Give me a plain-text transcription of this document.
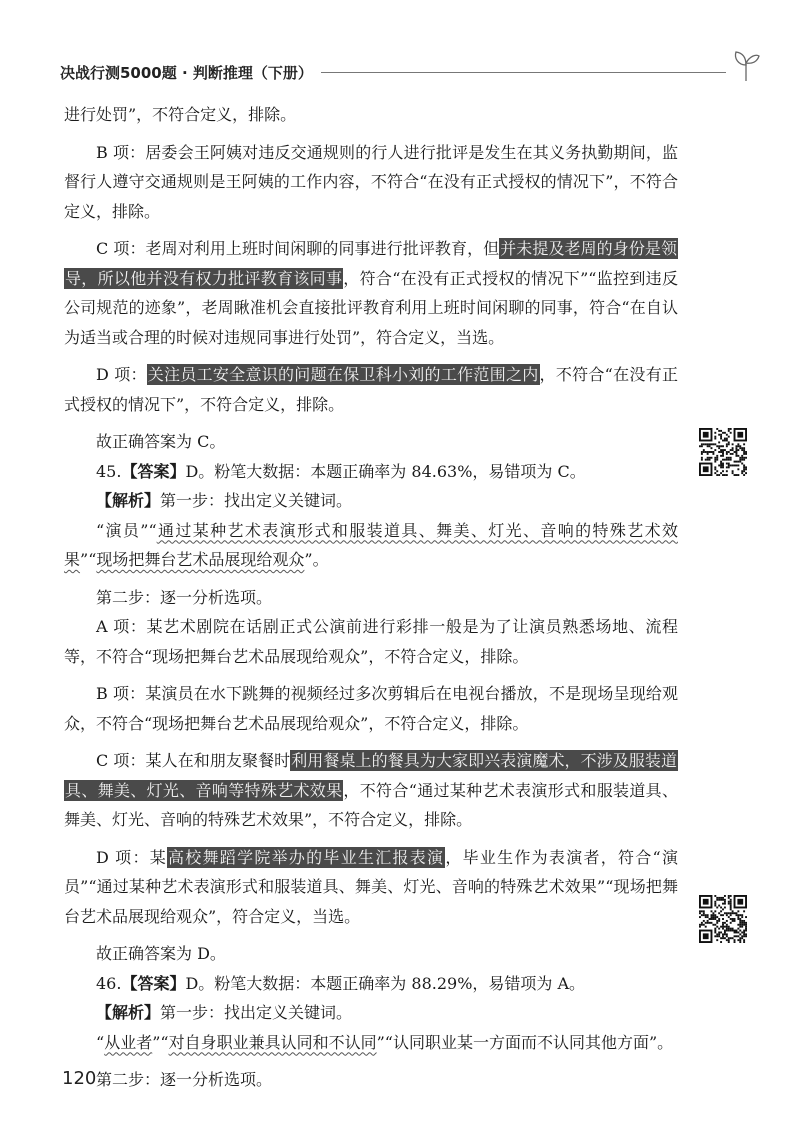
决战行测5000题 · 判断推理（下册）

进行处罚”，不符合定义，排除。

B 项：居委会王阿姨对违反交通规则的行人进行批评是发生在其义务执勤期间，监督行人遵守交通规则是王阿姨的工作内容，不符合“在没有正式授权的情况下”，不符合定义，排除。

C 项：老周对利用上班时间闲聊的同事进行批评教育，但并未提及老周的身份是领导，所以他并没有权力批评教育该同事，符合“在没有正式授权的情况下”“监控到违反公司规范的迹象”，老周瞅准机会直接批评教育利用上班时间闲聊的同事，符合“在自认为适当或合理的时候对违规同事进行处罚”，符合定义，当选。

D 项：关注员工安全意识的问题在保卫科小刘的工作范围之内，不符合“在没有正式授权的情况下”，不符合定义，排除。

故正确答案为 C。

45.【答案】D。粉笔大数据：本题正确率为 84.63%，易错项为 C。

【解析】第一步：找出定义关键词。

“演员”“通过某种艺术表演形式和服装道具、舞美、灯光、音响的特殊艺术效果”“现场把舞台艺术品展现给观众”。

第二步：逐一分析选项。

A 项：某艺术剧院在话剧正式公演前进行彩排一般是为了让演员熟悉场地、流程等，不符合“现场把舞台艺术品展现给观众”，不符合定义，排除。

B 项：某演员在水下跳舞的视频经过多次剪辑后在电视台播放，不是现场呈现给观众，不符合“现场把舞台艺术品展现给观众”，不符合定义，排除。

C 项：某人在和朋友聚餐时利用餐桌上的餐具为大家即兴表演魔术，不涉及服装道具、舞美、灯光、音响等特殊艺术效果，不符合“通过某种艺术表演形式和服装道具、舞美、灯光、音响的特殊艺术效果”，不符合定义，排除。

D 项：某高校舞蹈学院举办的毕业生汇报表演，毕业生作为表演者，符合“演员”“通过某种艺术表演形式和服装道具、舞美、灯光、音响的特殊艺术效果”“现场把舞台艺术品展现给观众”，符合定义，当选。

故正确答案为 D。

46.【答案】D。粉笔大数据：本题正确率为 88.29%，易错项为 A。

【解析】第一步：找出定义关键词。

“从业者”“对自身职业兼具认同和不认同”“认同职业某一方面而不认同其他方面”。

第二步：逐一分析选项。

120
